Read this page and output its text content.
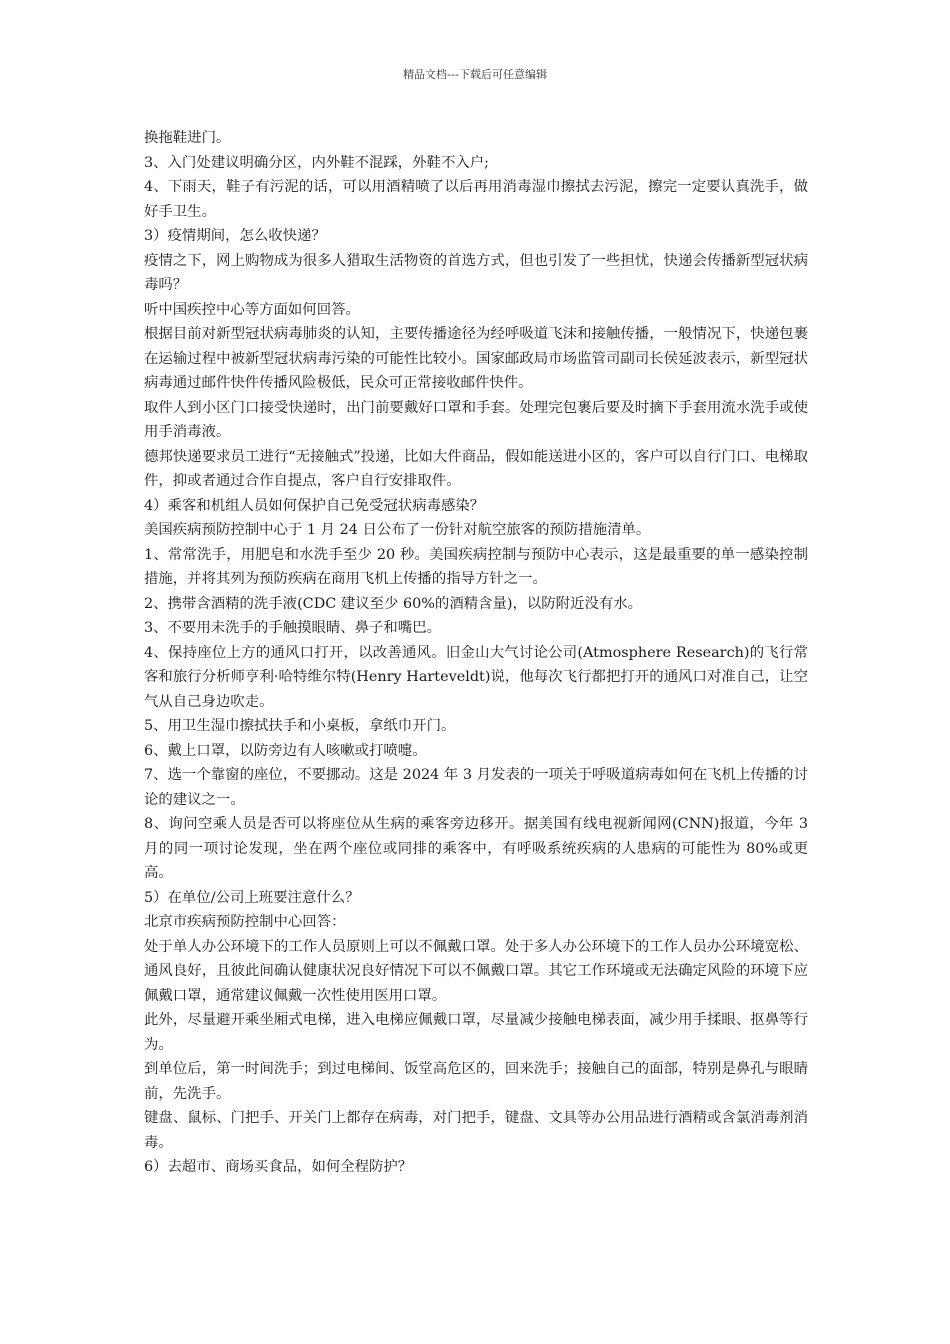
精品文档---下载后可任意编辑

换拖鞋进门。

3、入门处建议明确分区，内外鞋不混踩，外鞋不入户;

4、下雨天，鞋子有污泥的话，可以用酒精喷了以后再用消毒湿巾擦拭去污泥，擦完一定要认真洗手，做好手卫生。

3）疫情期间，怎么收快递？

疫情之下，网上购物成为很多人猎取生活物资的首选方式，但也引发了一些担忧，快递会传播新型冠状病毒吗？

听中国疾控中心等方面如何回答。

根据目前对新型冠状病毒肺炎的认知，主要传播途径为经呼吸道飞沫和接触传播，一般情况下，快递包裹在运输过程中被新型冠状病毒污染的可能性比较小。国家邮政局市场监管司副司长侯延波表示，新型冠状病毒通过邮件快件传播风险极低，民众可正常接收邮件快件。

取件人到小区门口接受快递时，出门前要戴好口罩和手套。处理完包裹后要及时摘下手套用流水洗手或使用手消毒液。

德邦快递要求员工进行“无接触式”投递，比如大件商品，假如能送进小区的，客户可以自行门口、电梯取件，抑或者通过合作自提点，客户自行安排取件。

4）乘客和机组人员如何保护自己免受冠状病毒感染？

美国疾病预防控制中心于 1 月 24 日公布了一份针对航空旅客的预防措施清单。

1、常常洗手，用肥皂和水洗手至少 20 秒。美国疾病控制与预防中心表示，这是最重要的单一感染控制措施，并将其列为预防疾病在商用飞机上传播的指导方针之一。

2、携带含酒精的洗手液(CDC 建议至少 60%的酒精含量)，以防附近没有水。

3、不要用未洗手的手触摸眼睛、鼻子和嘴巴。

4、保持座位上方的通风口打开，以改善通风。旧金山大气讨论公司(Atmosphere Research)的飞行常客和旅行分析师亨利·哈特维尔特(Henry Harteveldt)说，他每次飞行都把打开的通风口对准自己，让空气从自己身边吹走。

5、用卫生湿巾擦拭扶手和小桌板，拿纸巾开门。

6、戴上口罩，以防旁边有人咳嗽或打喷嚏。

7、选一个靠窗的座位，不要挪动。这是 2024 年 3 月发表的一项关于呼吸道病毒如何在飞机上传播的讨论的建议之一。

8、询问空乘人员是否可以将座位从生病的乘客旁边移开。据美国有线电视新闻网(CNN)报道，今年 3 月的同一项讨论发现，坐在两个座位或同排的乘客中，有呼吸系统疾病的人患病的可能性为 80%或更高。

5）在单位/公司上班要注意什么？

北京市疾病预防控制中心回答：

处于单人办公环境下的工作人员原则上可以不佩戴口罩。处于多人办公环境下的工作人员办公环境宽松、通风良好，且彼此间确认健康状况良好情况下可以不佩戴口罩。其它工作环境或无法确定风险的环境下应佩戴口罩，通常建议佩戴一次性使用医用口罩。

此外，尽量避开乘坐厢式电梯，进入电梯应佩戴口罩，尽量减少接触电梯表面，减少用手揉眼、抠鼻等行为。

到单位后，第一时间洗手；到过电梯间、饭堂高危区的，回来洗手；接触自己的面部，特别是鼻孔与眼睛前，先洗手。

键盘、鼠标、门把手、开关门上都存在病毒，对门把手，键盘、文具等办公用品进行酒精或含氯消毒剂消毒。

6）去超市、商场买食品，如何全程防护？
